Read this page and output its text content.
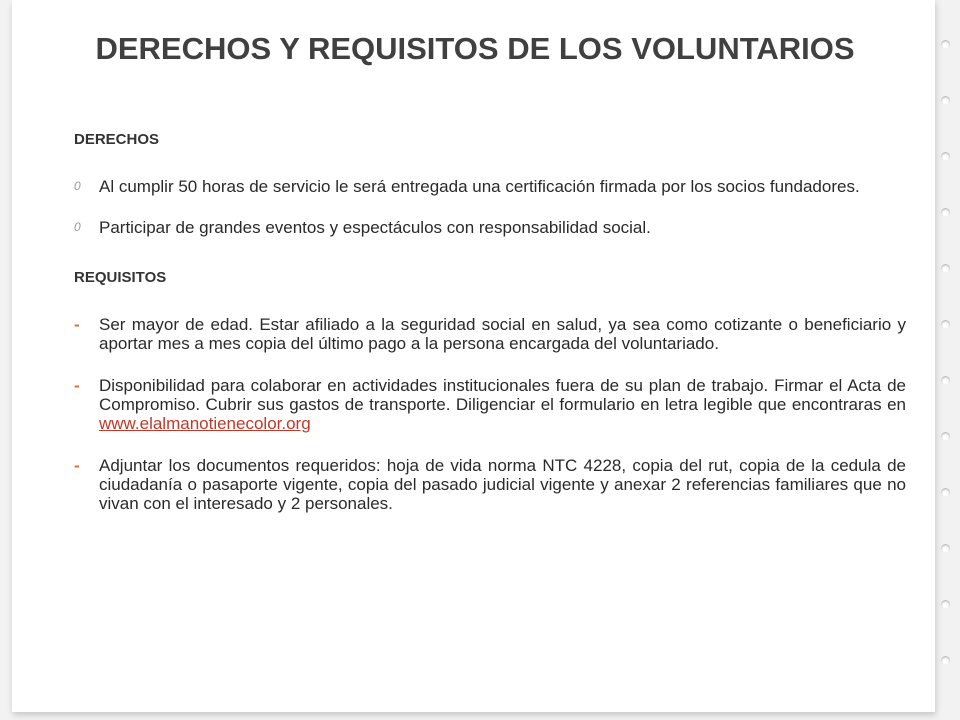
DERECHOS Y REQUISITOS DE LOS VOLUNTARIOS
DERECHOS
0 Al cumplir 50 horas de servicio le será entregada una certificación firmada por los socios fundadores.
0 Participar de grandes eventos y espectáculos con responsabilidad social.
REQUISITOS
- Ser mayor de edad. Estar afiliado a la seguridad social en salud, ya sea como cotizante o beneficiario y aportar mes a mes copia del último pago a la persona encargada del voluntariado.
- Disponibilidad para colaborar en actividades institucionales fuera de su plan de trabajo. Firmar el Acta de Compromiso. Cubrir sus gastos de transporte. Diligenciar el formulario en letra legible que encontraras en www.elalmanotienecolor.org
- Adjuntar los documentos requeridos: hoja de vida norma NTC 4228, copia del rut, copia de la cedula de ciudadanía o pasaporte vigente, copia del pasado judicial vigente y anexar 2 referencias familiares que no vivan con el interesado y 2 personales.
